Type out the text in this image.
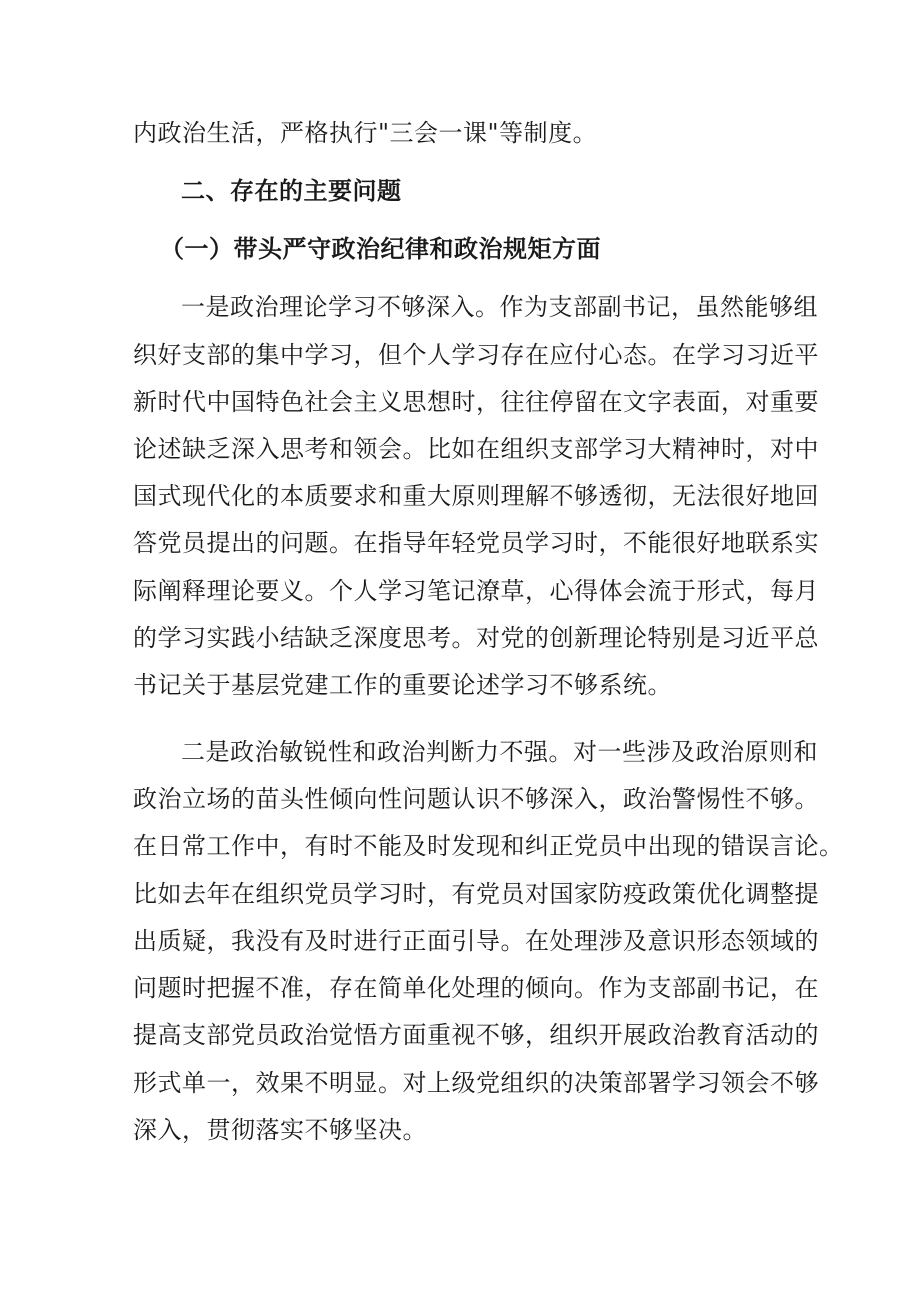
内政治生活，严格执行"三会一课"等制度。
二、存在的主要问题
（一）带头严守政治纪律和政治规矩方面
一是政治理论学习不够深入。作为支部副书记，虽然能够组
织好支部的集中学习，但个人学习存在应付心态。在学习习近平
新时代中国特色社会主义思想时，往往停留在文字表面，对重要
论述缺乏深入思考和领会。比如在组织支部学习大精神时，对中
国式现代化的本质要求和重大原则理解不够透彻，无法很好地回
答党员提出的问题。在指导年轻党员学习时，不能很好地联系实
际阐释理论要义。个人学习笔记潦草，心得体会流于形式，每月
的学习实践小结缺乏深度思考。对党的创新理论特别是习近平总
书记关于基层党建工作的重要论述学习不够系统。
二是政治敏锐性和政治判断力不强。对一些涉及政治原则和
政治立场的苗头性倾向性问题认识不够深入，政治警惕性不够。
在日常工作中，有时不能及时发现和纠正党员中出现的错误言论。
比如去年在组织党员学习时，有党员对国家防疫政策优化调整提
出质疑，我没有及时进行正面引导。在处理涉及意识形态领域的
问题时把握不准，存在简单化处理的倾向。作为支部副书记，在
提高支部党员政治觉悟方面重视不够，组织开展政治教育活动的
形式单一，效果不明显。对上级党组织的决策部署学习领会不够
深入，贯彻落实不够坚决。
